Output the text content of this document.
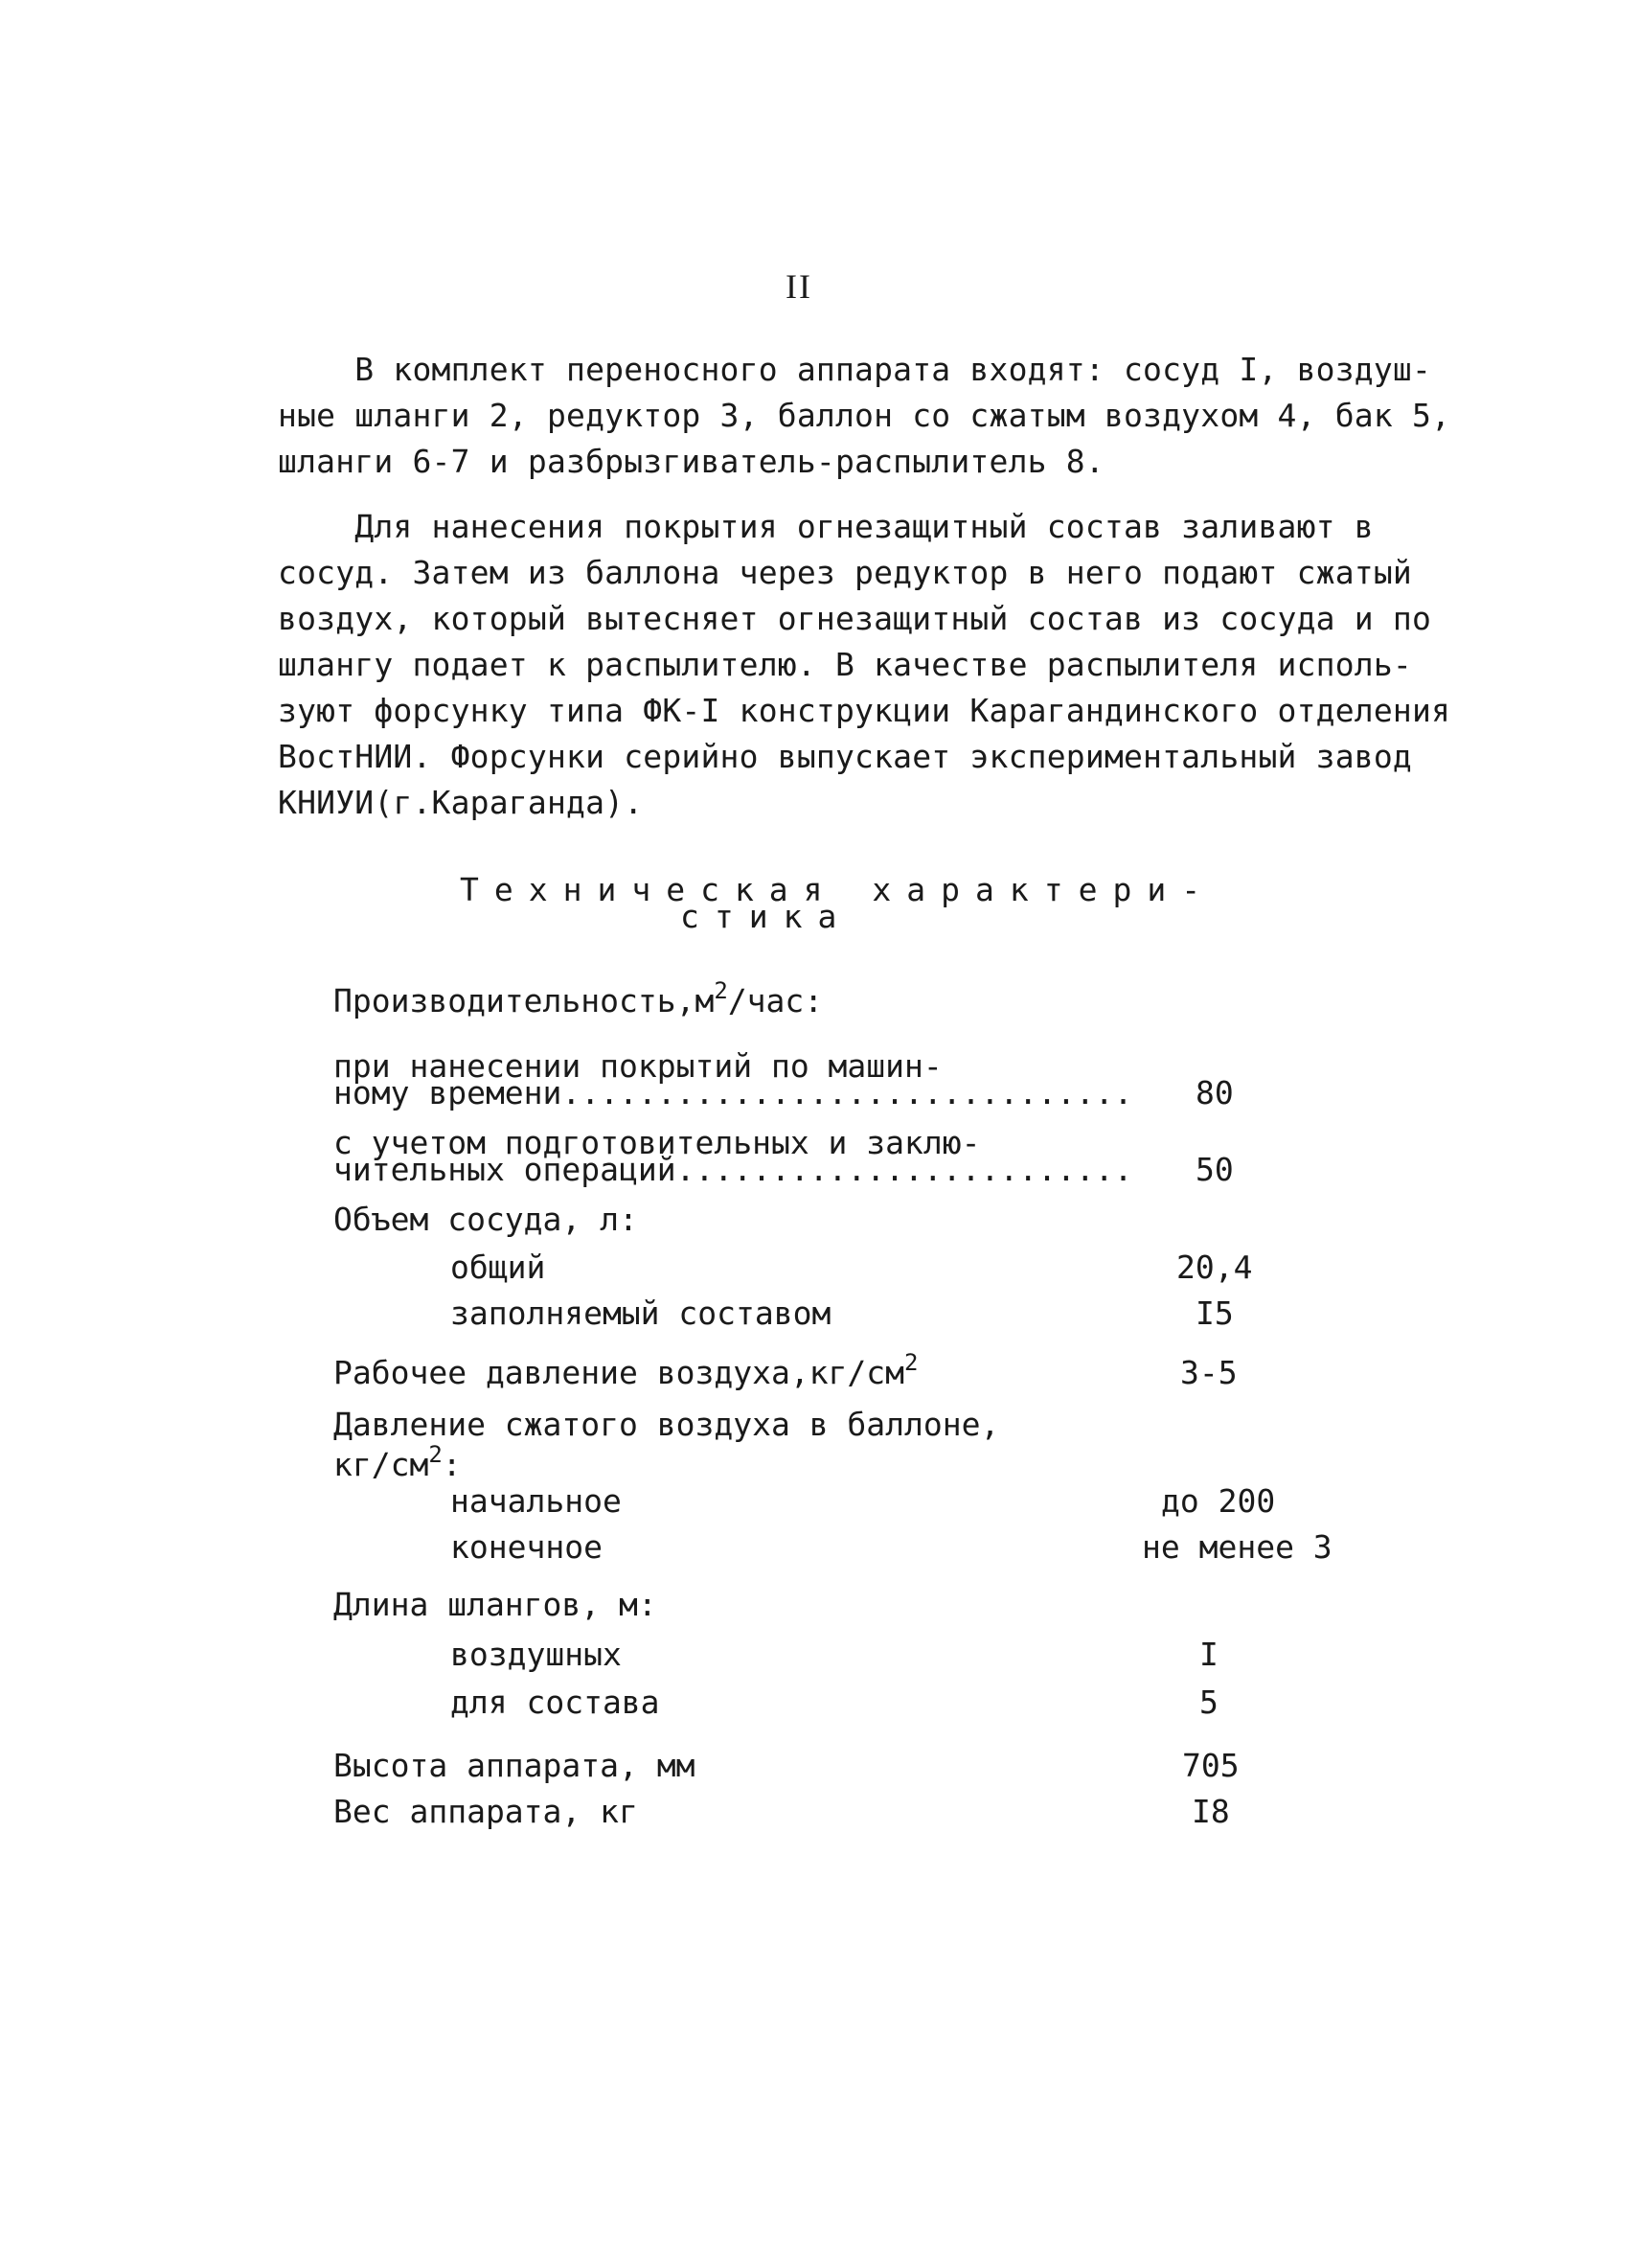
II
В комплект переносного аппарата входят: сосуд I, воздуш-
ные шланги 2, редуктор 3, баллон со сжатым воздухом 4, бак 5,
шланги 6-7 и разбрызгиватель-распылитель 8.
Для нанесения покрытия огнезащитный состав заливают в
сосуд. Затем из баллона через редуктор в него подают сжатый
воздух, который вытесняет огнезащитный состав из сосуда и по
шлангу подает к распылителю. В качестве распылителя исполь-
зуют форсунку типа ФК-I конструкции Карагандинского отделения
ВостНИИ. Форсунки серийно выпускает экспериментальный завод
КНИУИ(г.Караганда).
Техническая характери-
стика
$Производительность,м^2$/час:
при нанесении покрытий по машин-
ному времени.............................. 80
с учетом подготовительных и заклю-
чительных операций........................ 50
Объем сосуда, л:
общий	20,4
заполняемый составом	I5
Рабочее давление $воздуха,кг/см^2$	3-5
Давление сжатого воздуха в баллоне,
$кг/см^2$:
начальное	до 200
конечное	не менее 3
Длина шлангов, м:
воздушных	I
для состава	5
Высота аппарата, мм	705
Вес аппарата, кг	I8
